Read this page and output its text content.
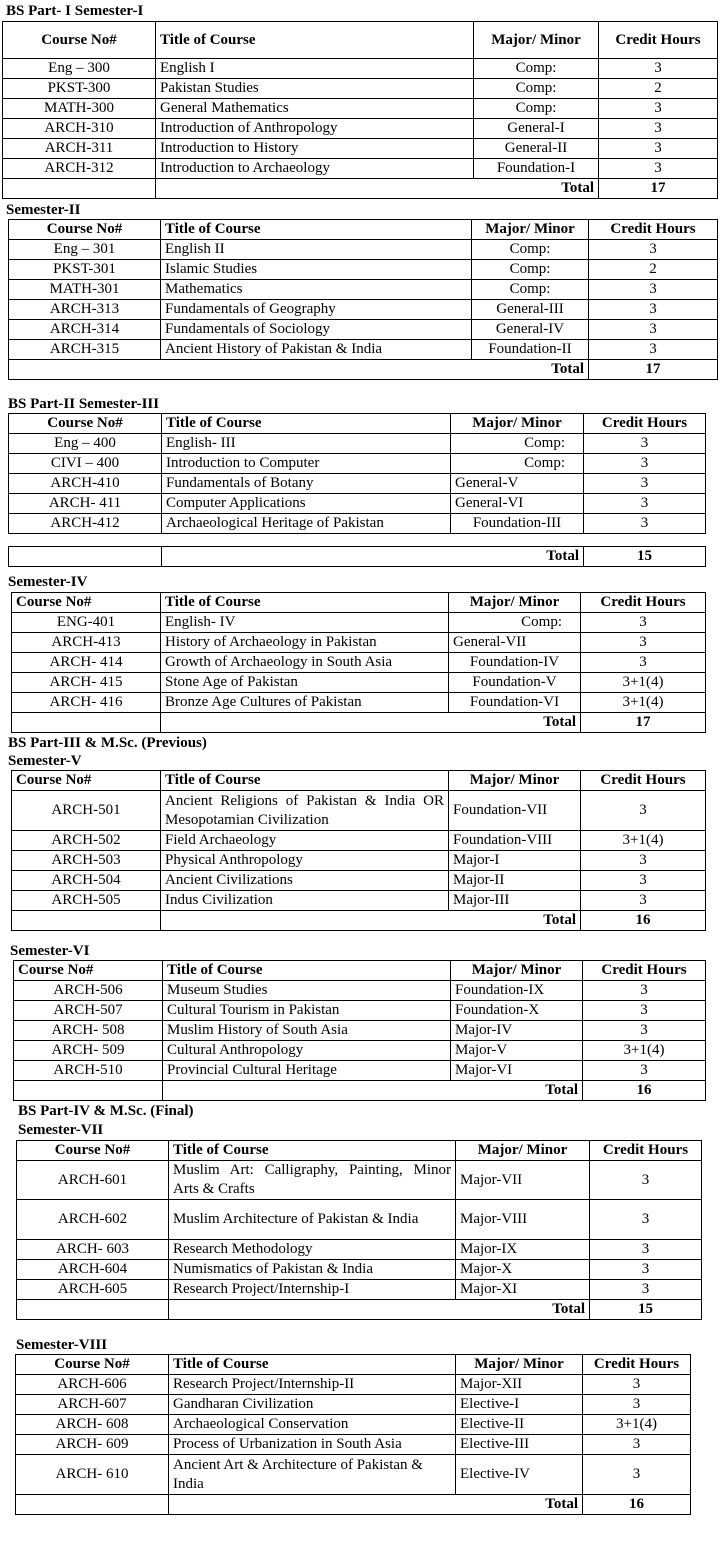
BS Part- I Semester-I
Course No#	Title of Course	Major/ Minor	Credit Hours
Eng – 300	English I	Comp:	3
PKST-300	Pakistan Studies	Comp:	2
MATH-300	General Mathematics	Comp:	3
ARCH-310	Introduction of Anthropology	General-I	3
ARCH-311	Introduction to History	General-II	3
ARCH-312	Introduction to Archaeology	Foundation-I	3
	Total		17
Semester-II
Course No#	Title of Course	Major/ Minor	Credit Hours
Eng – 301	English II	Comp:	3
PKST-301	Islamic Studies	Comp:	2
MATH-301	Mathematics	Comp:	3
ARCH-313	Fundamentals of Geography	General-III	3
ARCH-314	Fundamentals of Sociology	General-IV	3
ARCH-315	Ancient History of Pakistan & India	Foundation-II	3
	Total		17
BS Part-II Semester-III
Course No#	Title of Course	Major/ Minor	Credit Hours
Eng – 400	English- III	Comp:	3
CIVI – 400	Introduction to Computer	Comp:	3
ARCH-410	Fundamentals of Botany	General-V	3
ARCH- 411	Computer Applications	General-VI	3
ARCH-412	Archaeological Heritage of Pakistan	Foundation-III	3

	Total		15
Semester-IV
Course No#	Title of Course	Major/ Minor	Credit Hours
ENG-401	English- IV	Comp:	3
ARCH-413	History of Archaeology in Pakistan	General-VII	3
ARCH- 414	Growth of Archaeology in South Asia	Foundation-IV	3
ARCH- 415	Stone Age of Pakistan	Foundation-V	3+1(4)
ARCH- 416	Bronze Age Cultures of Pakistan	Foundation-VI	3+1(4)
	Total		17
BS Part-III & M.Sc. (Previous)
Semester-V
Course No#	Title of Course	Major/ Minor	Credit Hours
ARCH-501	Ancient Religions of Pakistan & India OR Mesopotamian Civilization	Foundation-VII	3
ARCH-502	Field Archaeology	Foundation-VIII	3+1(4)
ARCH-503	Physical Anthropology	Major-I	3
ARCH-504	Ancient Civilizations	Major-II	3
ARCH-505	Indus Civilization	Major-III	3
	Total		16
Semester-VI
Course No#	Title of Course	Major/ Minor	Credit Hours
ARCH-506	Museum Studies	Foundation-IX	3
ARCH-507	Cultural Tourism in Pakistan	Foundation-X	3
ARCH- 508	Muslim History of South Asia	Major-IV	3
ARCH- 509	Cultural Anthropology	Major-V	3+1(4)
ARCH-510	Provincial Cultural Heritage	Major-VI	3
	Total		16
BS Part-IV & M.Sc. (Final)
Semester-VII
Course No#	Title of Course	Major/ Minor	Credit Hours
ARCH-601	Muslim Art: Calligraphy, Painting, Minor Arts & Crafts	Major-VII	3
ARCH-602	Muslim Architecture of Pakistan & India	Major-VIII	3
ARCH- 603	Research Methodology	Major-IX	3
ARCH-604	Numismatics of Pakistan & India	Major-X	3
ARCH-605	Research Project/Internship-I	Major-XI	3
	Total		15
Semester-VIII
Course No#	Title of Course	Major/ Minor	Credit Hours
ARCH-606	Research Project/Internship-II	Major-XII	3
ARCH-607	Gandharan Civilization	Elective-I	3
ARCH- 608	Archaeological Conservation	Elective-II	3+1(4)
ARCH- 609	Process of Urbanization in South Asia	Elective-III	3
ARCH- 610	Ancient Art & Architecture of Pakistan & India	Elective-IV	3
	Total		16
